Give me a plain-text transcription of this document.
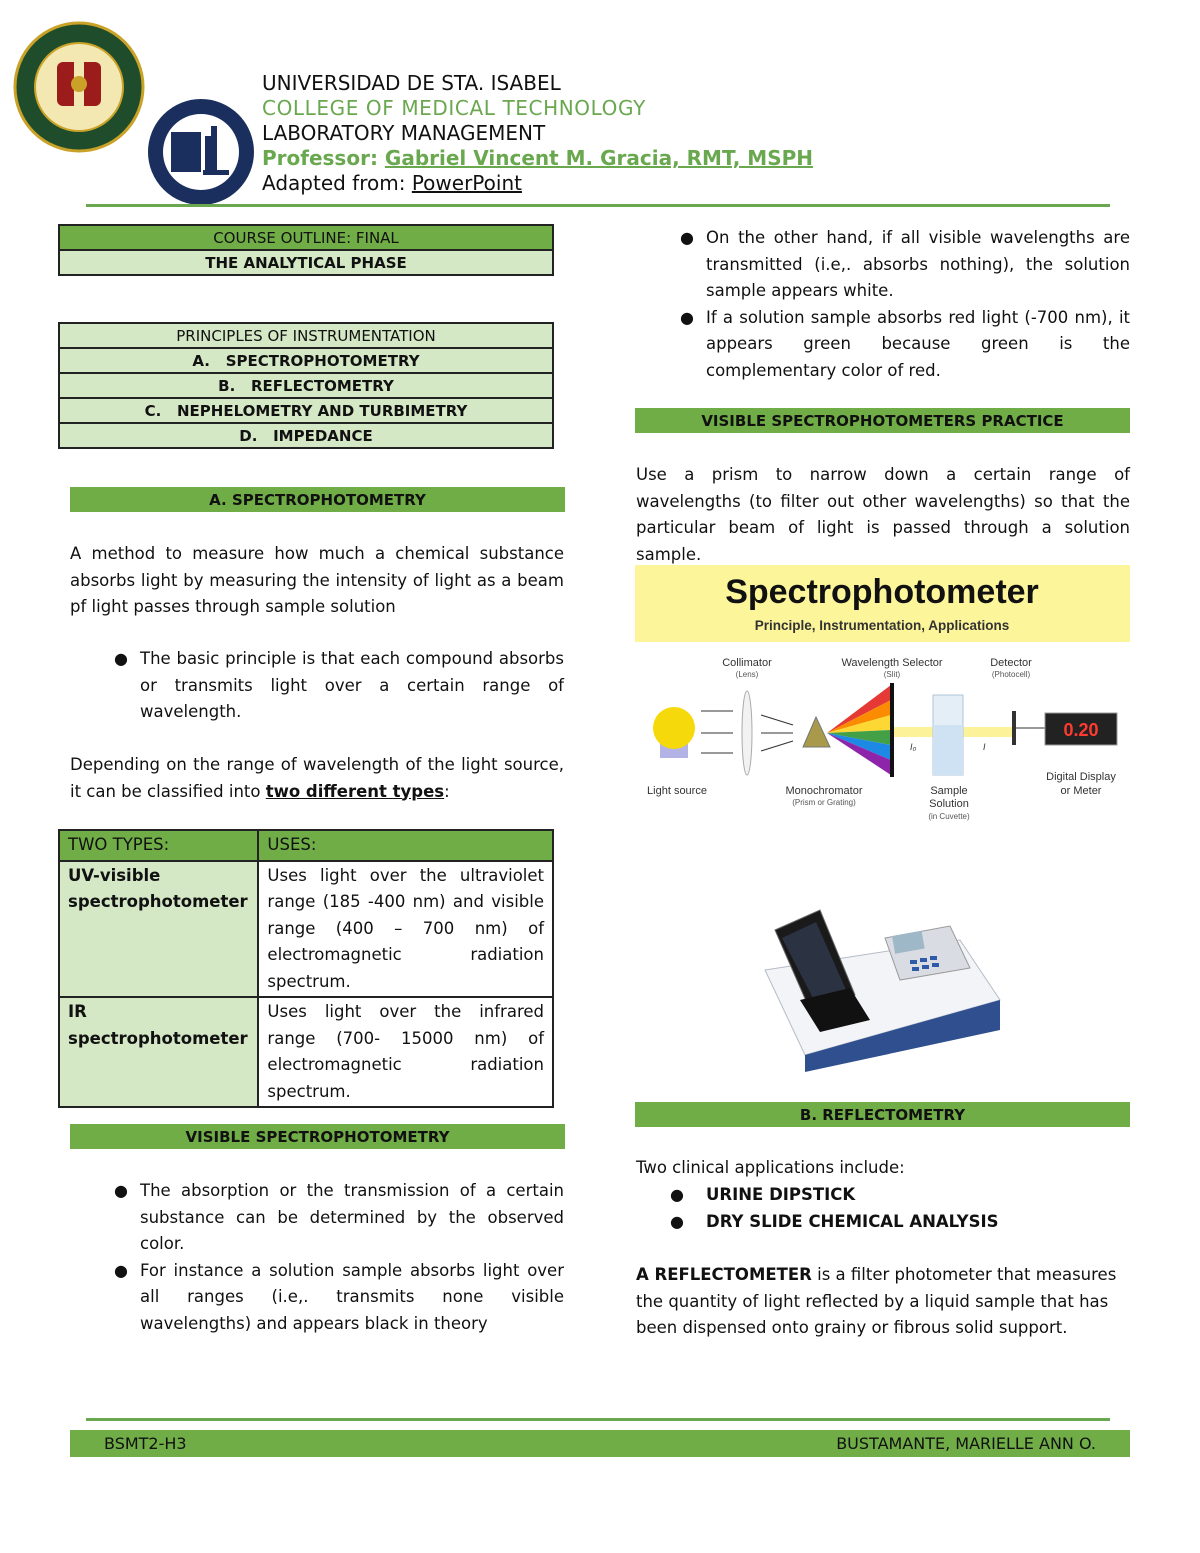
UNIVERSIDAD DE STA. ISABEL
COLLEGE OF MEDICAL TECHNOLOGY
LABORATORY MANAGEMENT
Professor: Gabriel Vincent M. Gracia, RMT, MSPH
Adapted from: PowerPoint
COURSE OUTLINE: FINAL
THE ANALYTICAL PHASE
PRINCIPLES OF INSTRUMENTATION
A. SPECTROPHOTOMETRY
B. REFLECTOMETRY
C. NEPHELOMETRY AND TURBIMETRY
D. IMPEDANCE
A. SPECTROPHOTOMETRY
A method to measure how much a chemical substance absorbs light by measuring the intensity of light as a beam pf light passes through sample solution
● The basic principle is that each compound absorbs or transmits light over a certain range of wavelength.
Depending on the range of wavelength of the light source, it can be classified into two different types:
TWO TYPES:	USES:
UV-visible spectrophotometer	Uses light over the ultraviolet range (185 -400 nm) and visible range (400 – 700 nm) of electromagnetic radiation spectrum.
IR spectrophotometer	Uses light over the infrared range (700- 15000 nm) of electromagnetic radiation spectrum.
VISIBLE SPECTROPHOTOMETRY
● The absorption or the transmission of a certain substance can be determined by the observed color.
● For instance a solution sample absorbs light over all ranges (i.e,. transmits none visible wavelengths) and appears black in theory
● On the other hand, if all visible wavelengths are transmitted (i.e,. absorbs nothing), the solution sample appears white.
● If a solution sample absorbs red light (-700 nm), it appears green because green is the complementary color of red.
VISIBLE SPECTROPHOTOMETERS PRACTICE
Use a prism to narrow down a certain range of wavelengths (to filter out other wavelengths) so that the particular beam of light is passed through a solution sample.
Spectrophotometer
Principle, Instrumentation, Applications
Collimator
(Lens)
Wavelength Selector
(Slit)
Detector
(Photocell)
I₀	I
0.20
Light source	Monochromator
(Prism or Grating)
Sample
Solution
(in Cuvette)
Digital Display
or Meter
B. REFLECTOMETRY
Two clinical applications include:
● URINE DIPSTICK
● DRY SLIDE CHEMICAL ANALYSIS
A REFLECTOMETER is a filter photometer that measures the quantity of light reflected by a liquid sample that has been dispensed onto grainy or fibrous solid support.
BSMT2-H3	BUSTAMANTE, MARIELLE ANN O.
